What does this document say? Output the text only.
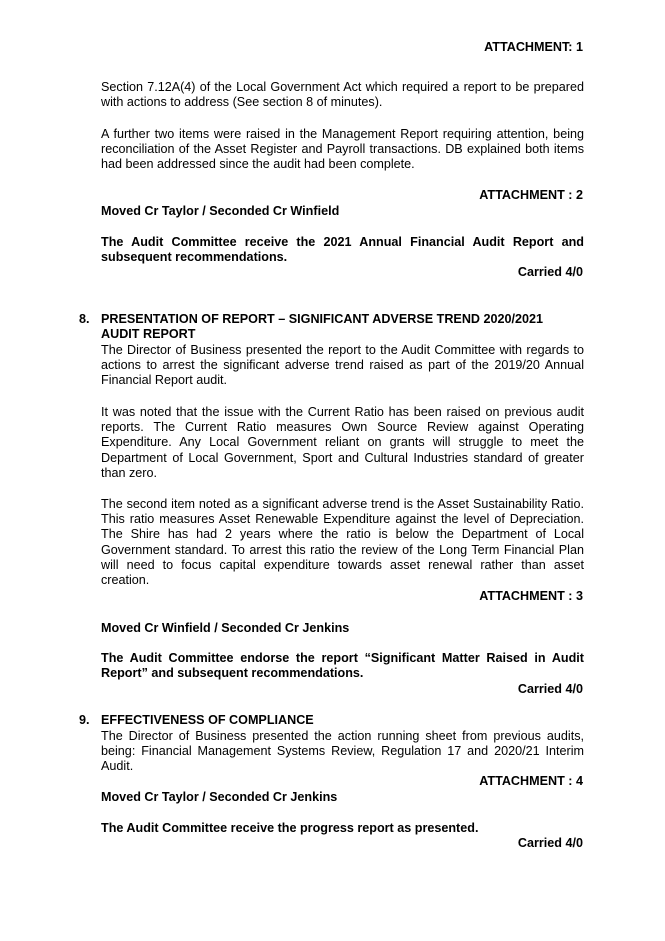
ATTACHMENT: 1

Section 7.12A(4) of the Local Government Act which required a report to be prepared with actions to address (See section 8 of minutes).

A further two items were raised in the Management Report requiring attention, being reconciliation of the Asset Register and Payroll transactions. DB explained both items had been addressed since the audit had been complete.

ATTACHMENT : 2

Moved Cr Taylor / Seconded Cr Winfield

The Audit Committee receive the 2021 Annual Financial Audit Report and subsequent recommendations.

Carried 4/0

8. PRESENTATION OF REPORT – SIGNIFICANT ADVERSE TREND 2020/2021 AUDIT REPORT

The Director of Business presented the report to the Audit Committee with regards to actions to arrest the significant adverse trend raised as part of the 2019/20 Annual Financial Report audit.

It was noted that the issue with the Current Ratio has been raised on previous audit reports. The Current Ratio measures Own Source Review against Operating Expenditure. Any Local Government reliant on grants will struggle to meet the Department of Local Government, Sport and Cultural Industries standard of greater than zero.

The second item noted as a significant adverse trend is the Asset Sustainability Ratio. This ratio measures Asset Renewable Expenditure against the level of Depreciation. The Shire has had 2 years where the ratio is below the Department of Local Government standard. To arrest this ratio the review of the Long Term Financial Plan will need to focus capital expenditure towards asset renewal rather than asset creation.

ATTACHMENT : 3

Moved Cr Winfield / Seconded Cr Jenkins

The Audit Committee endorse the report “Significant Matter Raised in Audit Report” and subsequent recommendations.

Carried 4/0

9. EFFECTIVENESS OF COMPLIANCE

The Director of Business presented the action running sheet from previous audits, being: Financial Management Systems Review, Regulation 17 and 2020/21 Interim Audit.

ATTACHMENT : 4

Moved Cr Taylor / Seconded Cr Jenkins

The Audit Committee receive the progress report as presented.

Carried 4/0
